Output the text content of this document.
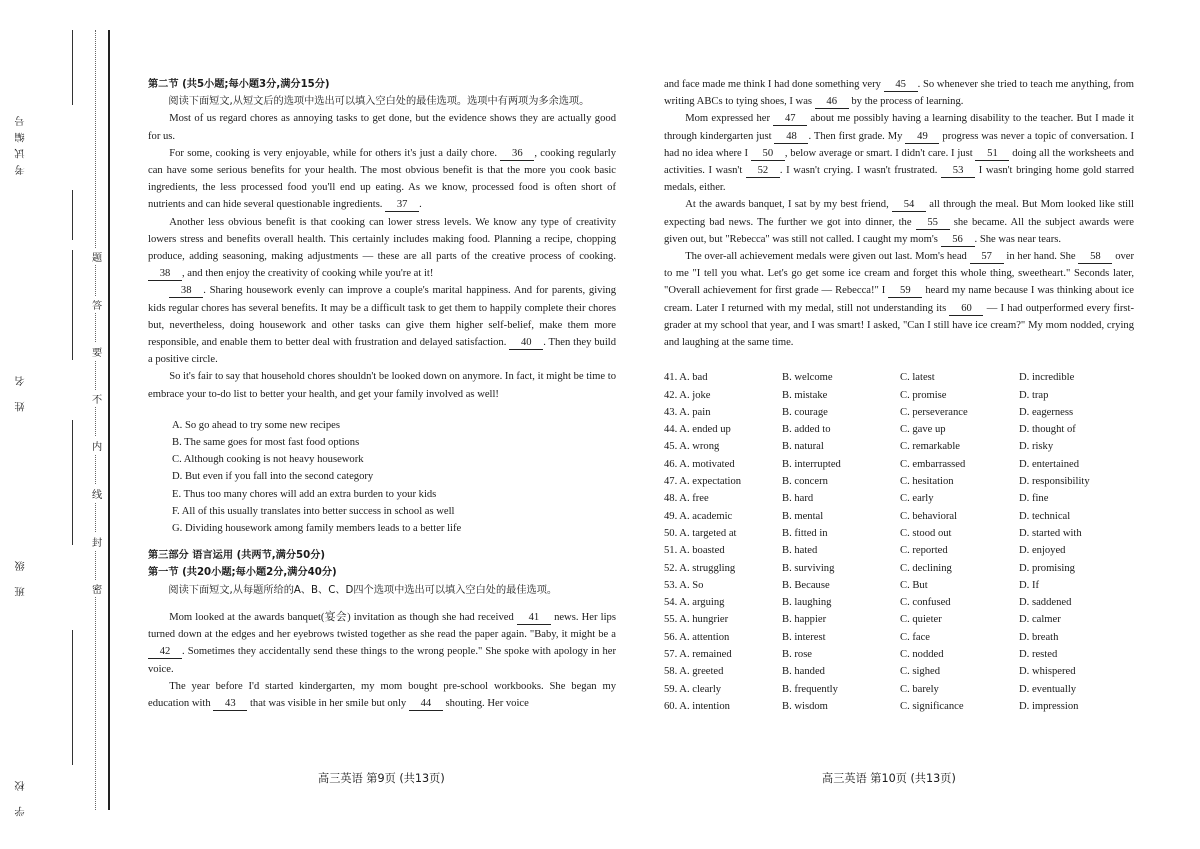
考试编号
姓 名
班 级
学 校
题
答
要
不
内
线
封
密

第二节 (共5小题;每小题3分,满分15分)

阅读下面短文,从短文后的选项中选出可以填入空白处的最佳选项。选项中有两项为多余选项。

Most of us regard chores as annoying tasks to get done, but the evidence shows they are actually good for us.

For some, cooking is very enjoyable, while for others it's just a daily chore. 36 , cooking regularly can have some serious benefits for your health. The most obvious benefit is that the more you cook basic ingredients, the less processed food you'll end up eating. As we know, processed food is often short of nutrients and can hide several questionable ingredients. 37 .

Another less obvious benefit is that cooking can lower stress levels. We know any type of creativity lowers stress and benefits overall health. This certainly includes making food. Planning a recipe, chopping produce, adding seasoning, making adjustments — these are all parts of the creative process of cooking. 38 , and then enjoy the creativity of cooking while you're at it!

38 . Sharing housework evenly can improve a couple's marital happiness. And for parents, giving kids regular chores has several benefits. It may be a difficult task to get them to happily complete their chores but, nevertheless, doing housework and other tasks can give them higher self-belief, make them more responsible, and enable them to better deal with frustration and delayed satisfaction. 40 . Then they build a positive circle.

So it's fair to say that household chores shouldn't be looked down on anymore. In fact, it might be time to embrace your to-do list to better your health, and get your family involved as well!

A. So go ahead to try some new recipes
B. The same goes for most fast food options
C. Although cooking is not heavy housework
D. But even if you fall into the second category
E. Thus too many chores will add an extra burden to your kids
F. All of this usually translates into better success in school as well
G. Dividing housework among family members leads to a better life

第三部分 语言运用 (共两节,满分50分)

第一节 (共20小题;每小题2分,满分40分)

阅读下面短文,从每题所给的A、B、C、D四个选项中选出可以填入空白处的最佳选项。

Mom looked at the awards banquet(宴会) invitation as though she had received 41 news. Her lips turned down at the edges and her eyebrows twisted together as she read the paper again. "Baby, it might be a 42 . Sometimes they accidentally send these things to the wrong people." She spoke with apology in her voice.

The year before I'd started kindergarten, my mom bought pre-school workbooks. She began my education with 43 that was visible in her smile but only 44 shouting. Her voice

高三英语 第9页 (共13页)

and face made me think I had done something very 45 . So whenever she tried to teach me anything, from writing ABCs to tying shoes, I was 46 by the process of learning.

Mom expressed her 47 about me possibly having a learning disability to the teacher. But I made it through kindergarten just 48 . Then first grade. My 49 progress was never a topic of conversation. I had no idea where I 50 , below average or smart. I didn't care. I just 51 doing all the worksheets and activities. I wasn't 52 . I wasn't crying. I wasn't frustrated. 53 I wasn't bringing home gold starred medals, either.

At the awards banquet, I sat by my best friend, 54 all through the meal. But Mom looked like still expecting bad news. The further we got into dinner, the 55 she became. All the subject awards were given out, but "Rebecca" was still not called. I caught my mom's 56 . She was near tears.

The over-all achievement medals were given out last. Mom's head 57 in her hand. She 58 over to me "I tell you what. Let's go get some ice cream and forget this whole thing, sweetheart." Seconds later, "Overall achievement for first grade — Rebecca!" I 59 heard my name because I was thinking about ice cream. Later I returned with my medal, still not understanding its 60 — I had outperformed every first-grader at my school that year, and I was smart! I asked, "Can I still have ice cream?" My mom nodded, crying and laughing at the same time.

41. A. bad	B. welcome	C. latest	D. incredible
42. A. joke	B. mistake	C. promise	D. trap
43. A. pain	B. courage	C. perseverance	D. eagerness
44. A. ended up	B. added to	C. gave up	D. thought of
45. A. wrong	B. natural	C. remarkable	D. risky
46. A. motivated	B. interrupted	C. embarrassed	D. entertained
47. A. expectation	B. concern	C. hesitation	D. responsibility
48. A. free	B. hard	C. early	D. fine
49. A. academic	B. mental	C. behavioral	D. technical
50. A. targeted at	B. fitted in	C. stood out	D. started with
51. A. boasted	B. hated	C. reported	D. enjoyed
52. A. struggling	B. surviving	C. declining	D. promising
53. A. So	B. Because	C. But	D. If
54. A. arguing	B. laughing	C. confused	D. saddened
55. A. hungrier	B. happier	C. quieter	D. calmer
56. A. attention	B. interest	C. face	D. breath
57. A. remained	B. rose	C. nodded	D. rested
58. A. greeted	B. handed	C. sighed	D. whispered
59. A. clearly	B. frequently	C. barely	D. eventually
60. A. intention	B. wisdom	C. significance	D. impression
高三英语 第10页 (共13页)
